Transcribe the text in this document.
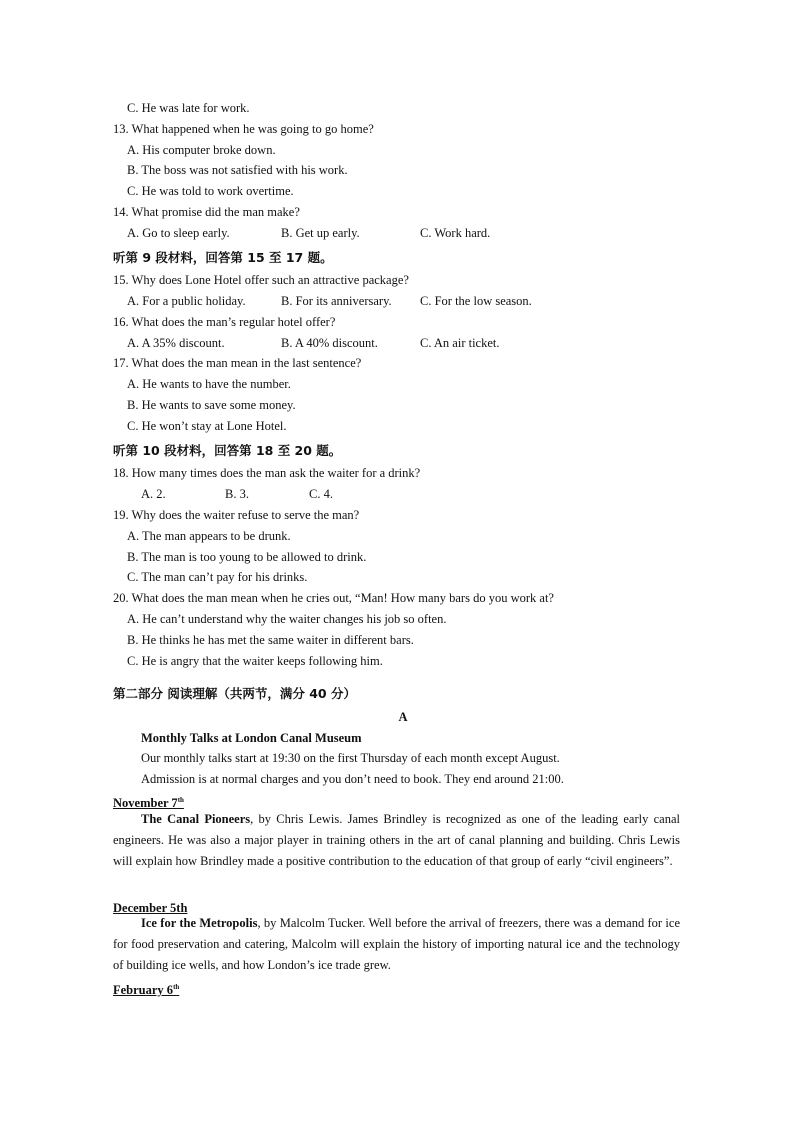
C. He was late for work.
13. What happened when he was going to go home?
A. His computer broke down.
B. The boss was not satisfied with his work.
C. He was told to work overtime.
14. What promise did the man make?
A. Go to sleep early.	B. Get up early.	C. Work hard.
听第 9 段材料，回答第 15 至 17 题。
15. Why does Lone Hotel offer such an attractive package?
A. For a public holiday.	B. For its anniversary. C. For the low season.
16. What does the man’s regular hotel offer?
A. A 35% discount.	B. A 40% discount.	C. An air ticket.
17. What does the man mean in the last sentence?
A. He wants to have the number.
B. He wants to save some money.
C. He won’t stay at Lone Hotel.
听第 10 段材料，回答第 18 至 20 题。
18. How many times does the man ask the waiter for a drink?
A. 2.	B. 3.	C. 4.
19. Why does the waiter refuse to serve the man?
A. The man appears to be drunk.
B. The man is too young to be allowed to drink.
C. The man can’t pay for his drinks.
20. What does the man mean when he cries out, “Man! How many bars do you work at?
A. He can’t understand why the waiter changes his job so often.
B. He thinks he has met the same waiter in different bars.
C. He is angry that the waiter keeps following him.
第二部分 阅读理解（共两节，满分 40 分）
A
Monthly Talks at London Canal Museum
Our monthly talks start at 19:30 on the first Thursday of each month except August.
Admission is at normal charges and you don’t need to book. They end around 21:00.
November 7th
The Canal Pioneers, by Chris Lewis. James Brindley is recognized as one of the leading early canal engineers. He was also a major player in training others in the art of canal planning and building. Chris Lewis will explain how Brindley made a positive contribution to the education of that group of early “civil engineers”.
December 5th
Ice for the Metropolis, by Malcolm Tucker. Well before the arrival of freezers, there was a demand for ice for food preservation and catering, Malcolm will explain the history of importing natural ice and the technology of building ice wells, and how London’s ice trade grew.
February 6th
